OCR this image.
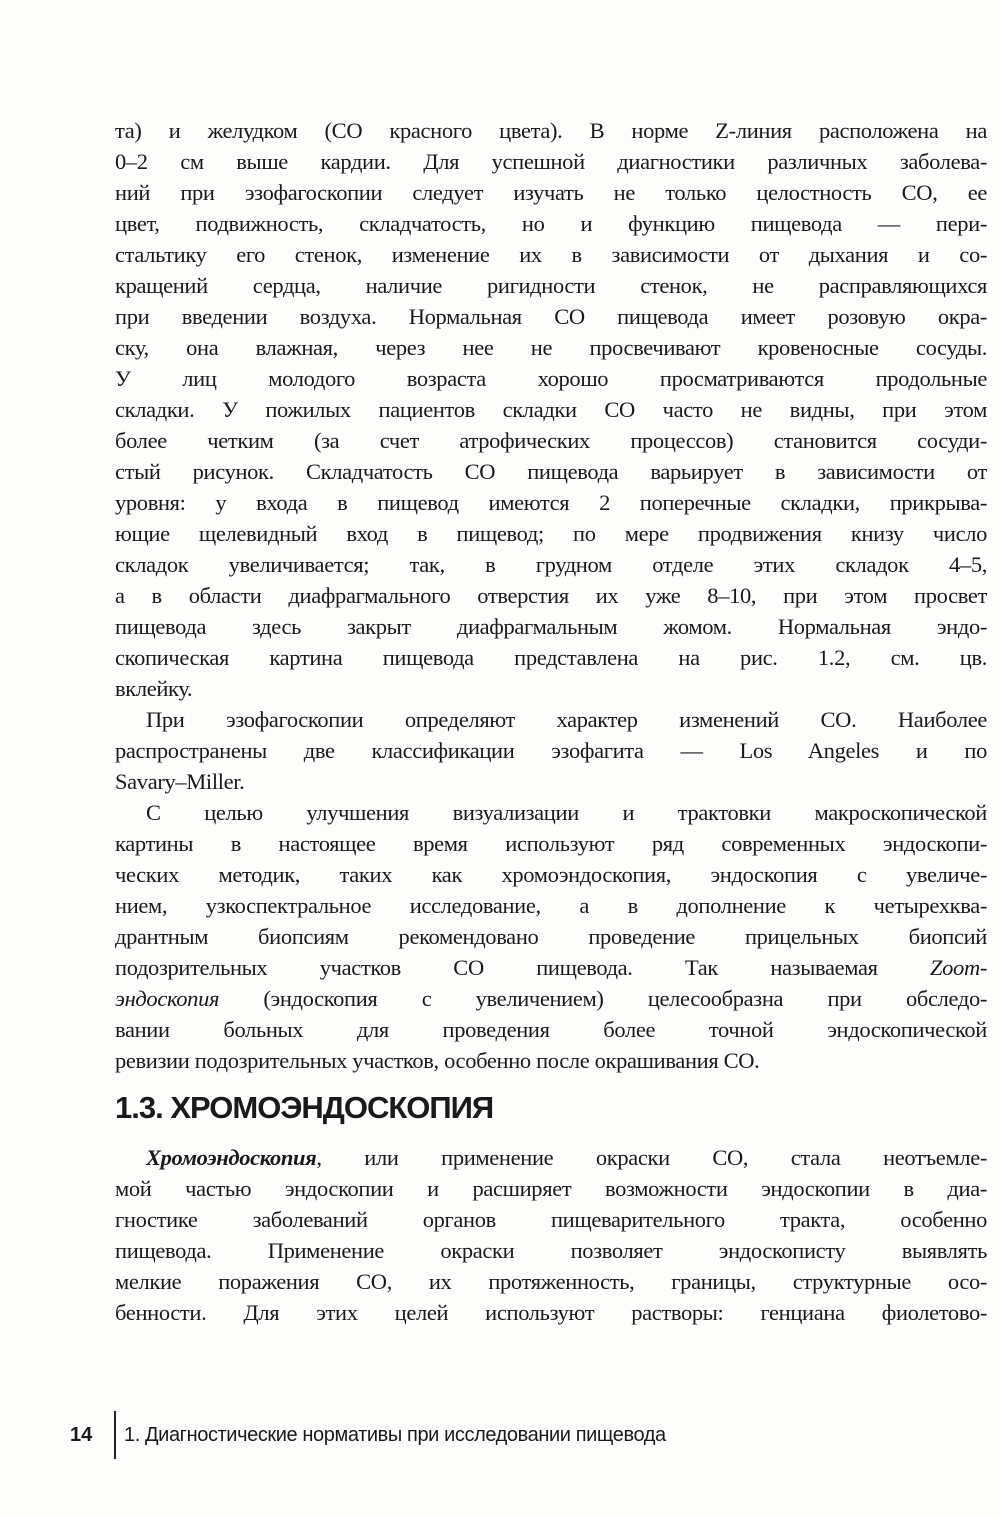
та) и желудком (СО красного цвета). В норме Z-линия расположена на
0–2 см выше кардии. Для успешной диагностики различных заболева-
ний при эзофагоскопии следует изучать не только целостность СО, ее
цвет, подвижность, складчатость, но и функцию пищевода — пери-
стальтику его стенок, изменение их в зависимости от дыхания и со-
кращений сердца, наличие ригидности стенок, не расправляющихся
при введении воздуха. Нормальная СО пищевода имеет розовую окра-
ску, она влажная, через нее не просвечивают кровеносные сосуды.
У лиц молодого возраста хорошо просматриваются продольные
складки. У пожилых пациентов складки СО часто не видны, при этом
более четким (за счет атрофических процессов) становится сосуди-
стый рисунок. Складчатость СО пищевода варьирует в зависимости от
уровня: у входа в пищевод имеются 2 поперечные складки, прикрыва-
ющие щелевидный вход в пищевод; по мере продвижения книзу число
складок увеличивается; так, в грудном отделе этих складок 4–5,
а в области диафрагмального отверстия их уже 8–10, при этом просвет
пищевода здесь закрыт диафрагмальным жомом. Нормальная эндо-
скопическая картина пищевода представлена на рис. 1.2, см. цв.
вклейку.
При эзофагоскопии определяют характер изменений СО. Наиболее
распространены две классификации эзофагита — Los Angeles и по
Savary–Miller.
С целью улучшения визуализации и трактовки макроскопической
картины в настоящее время используют ряд современных эндоскопи-
ческих методик, таких как хромоэндоскопия, эндоскопия с увеличе-
нием, узкоспектральное исследование, а в дополнение к четырехква-
дрантным биопсиям рекомендовано проведение прицельных биопсий
подозрительных участков СО пищевода. Так называемая Zoom-
эндоскопия (эндоскопия с увеличением) целесообразна при обследо-
вании больных для проведения более точной эндоскопической
ревизии подозрительных участков, особенно после окрашивания СО.
1.3. ХРОМОЭНДОСКОПИЯ
Хромоэндоскопия, или применение окраски СО, стала неотъемле-
мой частью эндоскопии и расширяет возможности эндоскопии в диа-
гностике заболеваний органов пищеварительного тракта, особенно
пищевода. Применение окраски позволяет эндоскописту выявлять
мелкие поражения СО, их протяженность, границы, структурные осо-
бенности. Для этих целей используют растворы: генциана фиолетово-
14	1. Диагностические нормативы при исследовании пищевода
